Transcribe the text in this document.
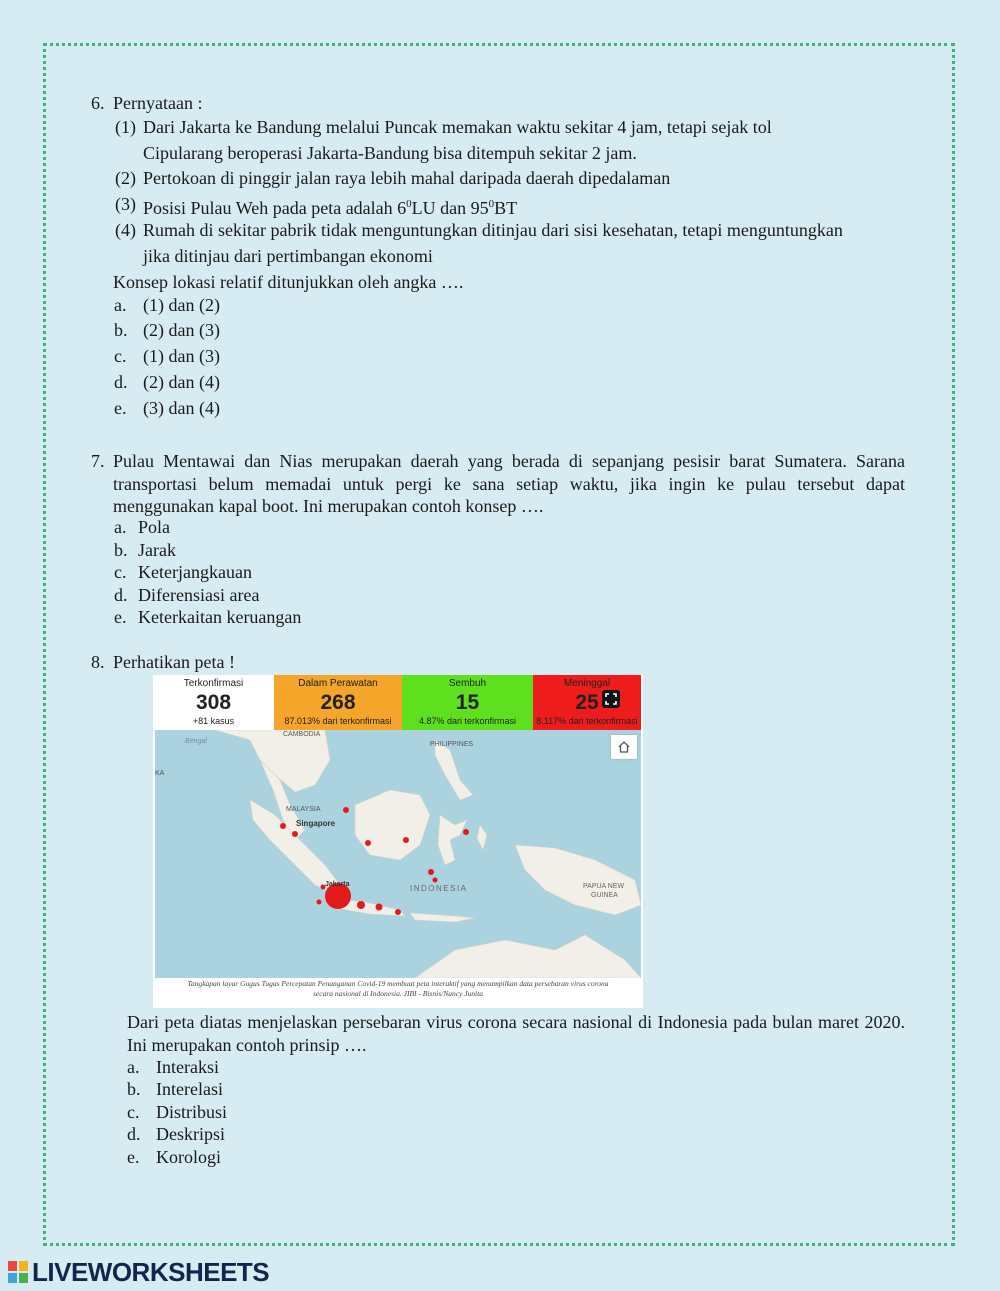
6. Pernyataan :
(1) Dari Jakarta ke Bandung melalui Puncak memakan waktu sekitar 4 jam, tetapi sejak tol
Cipularang beroperasi Jakarta-Bandung bisa ditempuh sekitar 2 jam.
(2) Pertokoan di pinggir jalan raya lebih mahal daripada daerah dipedalaman
(3) Posisi Pulau Weh pada peta adalah $6^0LU$ dan $95^0BT$
(4) Rumah di sekitar pabrik tidak menguntungkan ditinjau dari sisi kesehatan, tetapi menguntungkan
jika ditinjau dari pertimbangan ekonomi
Konsep lokasi relatif ditunjukkan oleh angka ….
a. (1) dan (2)
b. (2) dan (3)
c. (1) dan (3)
d. (2) dan (4)
e. (3) dan (4)
7. Pulau Mentawai dan Nias merupakan daerah yang berada di sepanjang pesisir barat Sumatera. Sarana transportasi belum memadai untuk pergi ke sana setiap waktu, jika ingin ke pulau tersebut dapat menggunakan kapal boot. Ini merupakan contoh konsep ….
a. Pola
b. Jarak
c. Keterjangkauan
d. Diferensiasi area
e. Keterkaitan keruangan
8. Perhatikan peta !
Terkonfirmasi
308
+81 kasus
Dalam Perawatan
268
87.013% dari terkonfirmasi
Sembuh
15
4.87% dari terkonfirmasi
Meninggal
25
8.117% dari terkonfirmasi
CAMBODIA
PHILIPPINES
MALAYSIA
Singapore
INDONESIA	PAPUA NEW
GUINEA
Bengal
KA
Jakarta
Tangkapan layar Gugus Tugas Percepatan Penanganan Covid-19 membuat peta interaktif yang menampilkan data persebaran virus corona
secara nasional di Indonesia. JIBI - Bisnis/Nancy Junita
Dari peta diatas menjelaskan persebaran virus corona secara nasional di Indonesia pada bulan maret 2020. Ini merupakan contoh prinsip ….
a. Interaksi
b. Interelasi
c. Distribusi
d. Deskripsi
e. Korologi
LIVEWORKSHEETS
